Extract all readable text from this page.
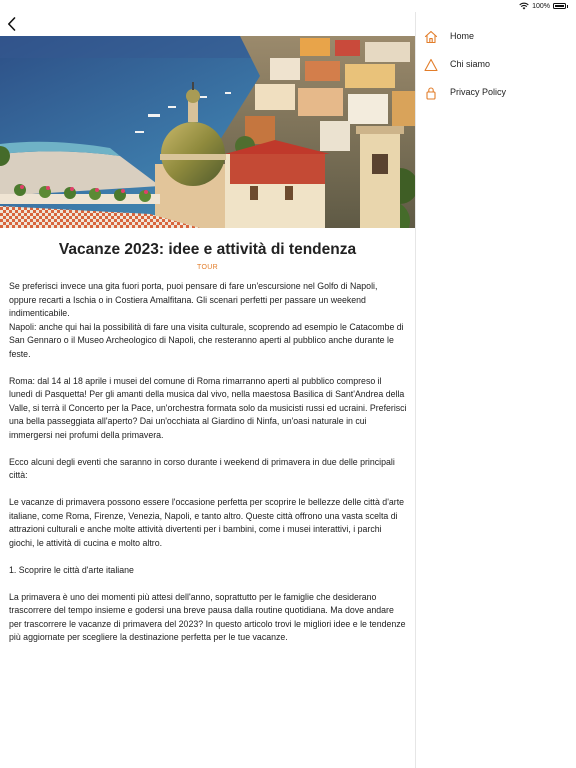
100%
Vacanze 2023: idee e attività di tendenza
TOUR

Se preferisci invece una gita fuori porta, puoi pensare di fare un'escursione nel Golfo di Napoli, oppure recarti a Ischia o in Costiera Amalfitana. Gli scenari perfetti per passare un weekend indimenticabile.
Napoli: anche qui hai la possibilità di fare una visita culturale, scoprendo ad esempio le Catacombe di San Gennaro o il Museo Archeologico di Napoli, che resteranno aperti al pubblico anche durante le feste.

Roma: dal 14 al 18 aprile i musei del comune di Roma rimarranno aperti al pubblico compreso il lunedì di Pasquetta! Per gli amanti della musica dal vivo, nella maestosa Basilica di Sant'Andrea della Valle, si terrà il Concerto per la Pace, un'orchestra formata solo da musicisti russi ed ucraini. Preferisci una bella passeggiata all'aperto? Dai un'occhiata al Giardino di Ninfa, un'oasi naturale in cui immergersi nei profumi della primavera.

Ecco alcuni degli eventi che saranno in corso durante i weekend di primavera in due delle principali città:

Le vacanze di primavera possono essere l'occasione perfetta per scoprire le bellezze delle città d'arte italiane, come Roma, Firenze, Venezia, Napoli, e tanto altro. Queste città offrono una vasta scelta di attrazioni culturali e anche molte attività divertenti per i bambini, come i musei interattivi, i parchi giochi, le attività di cucina e molto altro.

1. Scoprire le città d'arte italiane

La primavera è uno dei momenti più attesi dell'anno, soprattutto per le famiglie che desiderano trascorrere del tempo insieme e godersi una breve pausa dalla routine quotidiana. Ma dove andare per trascorrere le vacanze di primavera del 2023? In questo articolo trovi le migliori idee e le tendenze più aggiornate per scegliere la destinazione perfetta per le tue vacanze.

Home
Chi siamo
Privacy Policy
